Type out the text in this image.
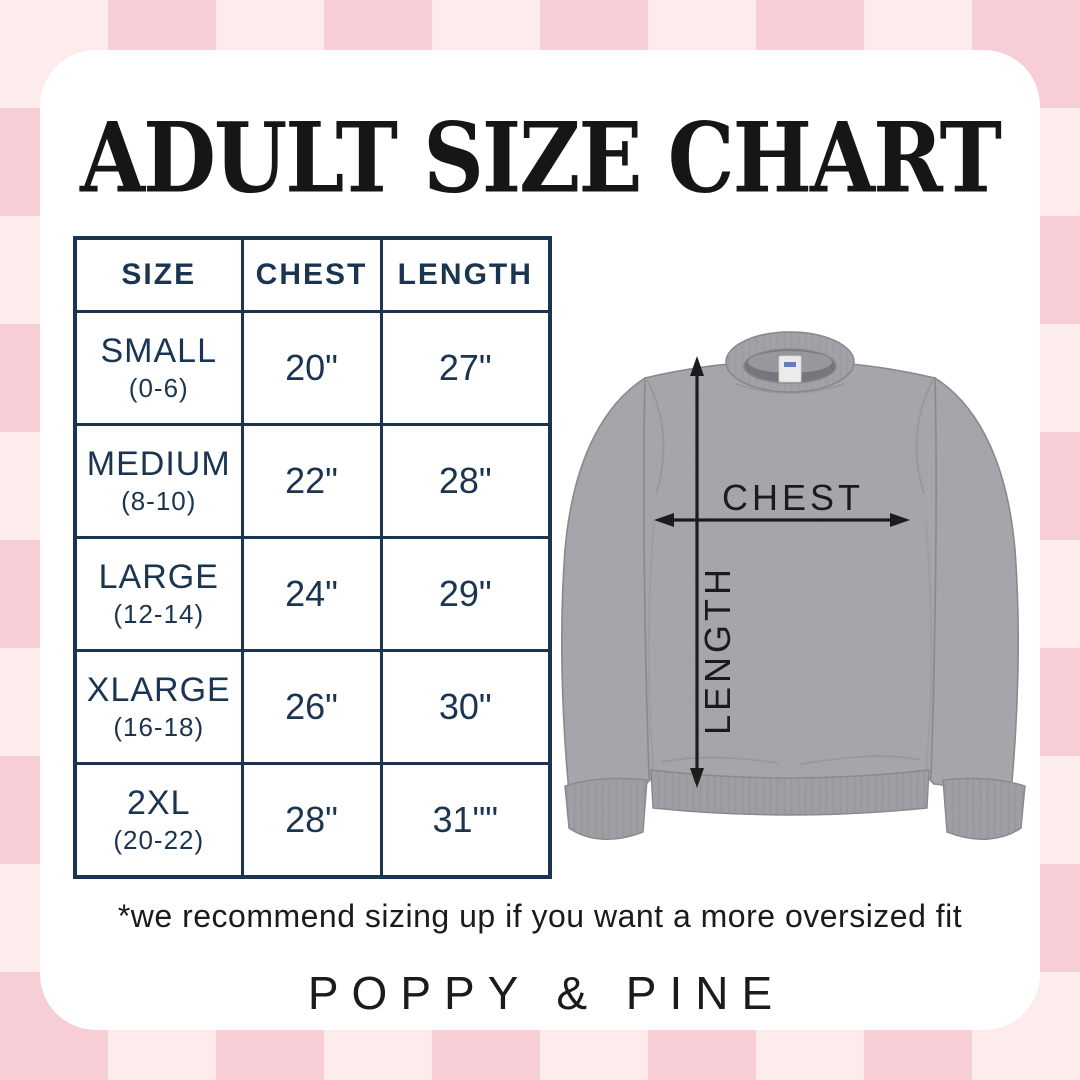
ADULT SIZE CHART
SIZE	CHEST	LENGTH

SMALL
(0-6)	20"	27"

MEDIUM
(8-10)	22"	28"

LARGE
(12-14)	24"	29"

XLARGE
(16-18)	26"	30"

2XL
(20-22)	28"	31""
CHEST
LENGTH

*we recommend sizing up if you want a more oversized fit

POPPY & PINE
